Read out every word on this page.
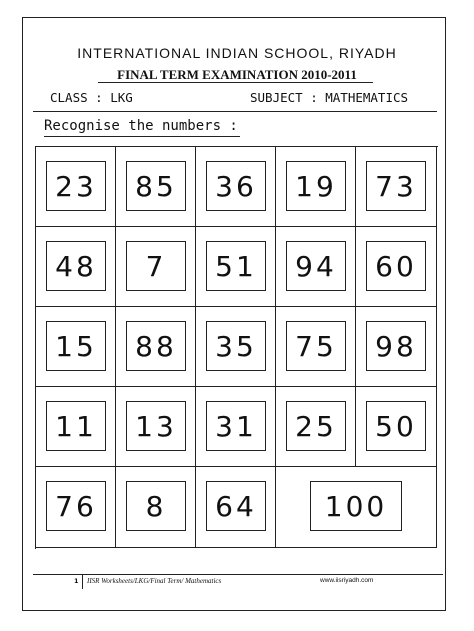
INTERNATIONAL INDIAN SCHOOL, RIYADH
FINAL TERM EXAMINATION 2010-2011
CLASS : LKG	SUBJECT : MATHEMATICS
Recognise the numbers :
23	85	36	19	73
48	7	51	94	60
15	88	35	75	98
11	13	31	25	50
76	8	64	100
1 IISR Worksheets/LKG/Final Term/ Mathematics	www.iisriyadh.com
